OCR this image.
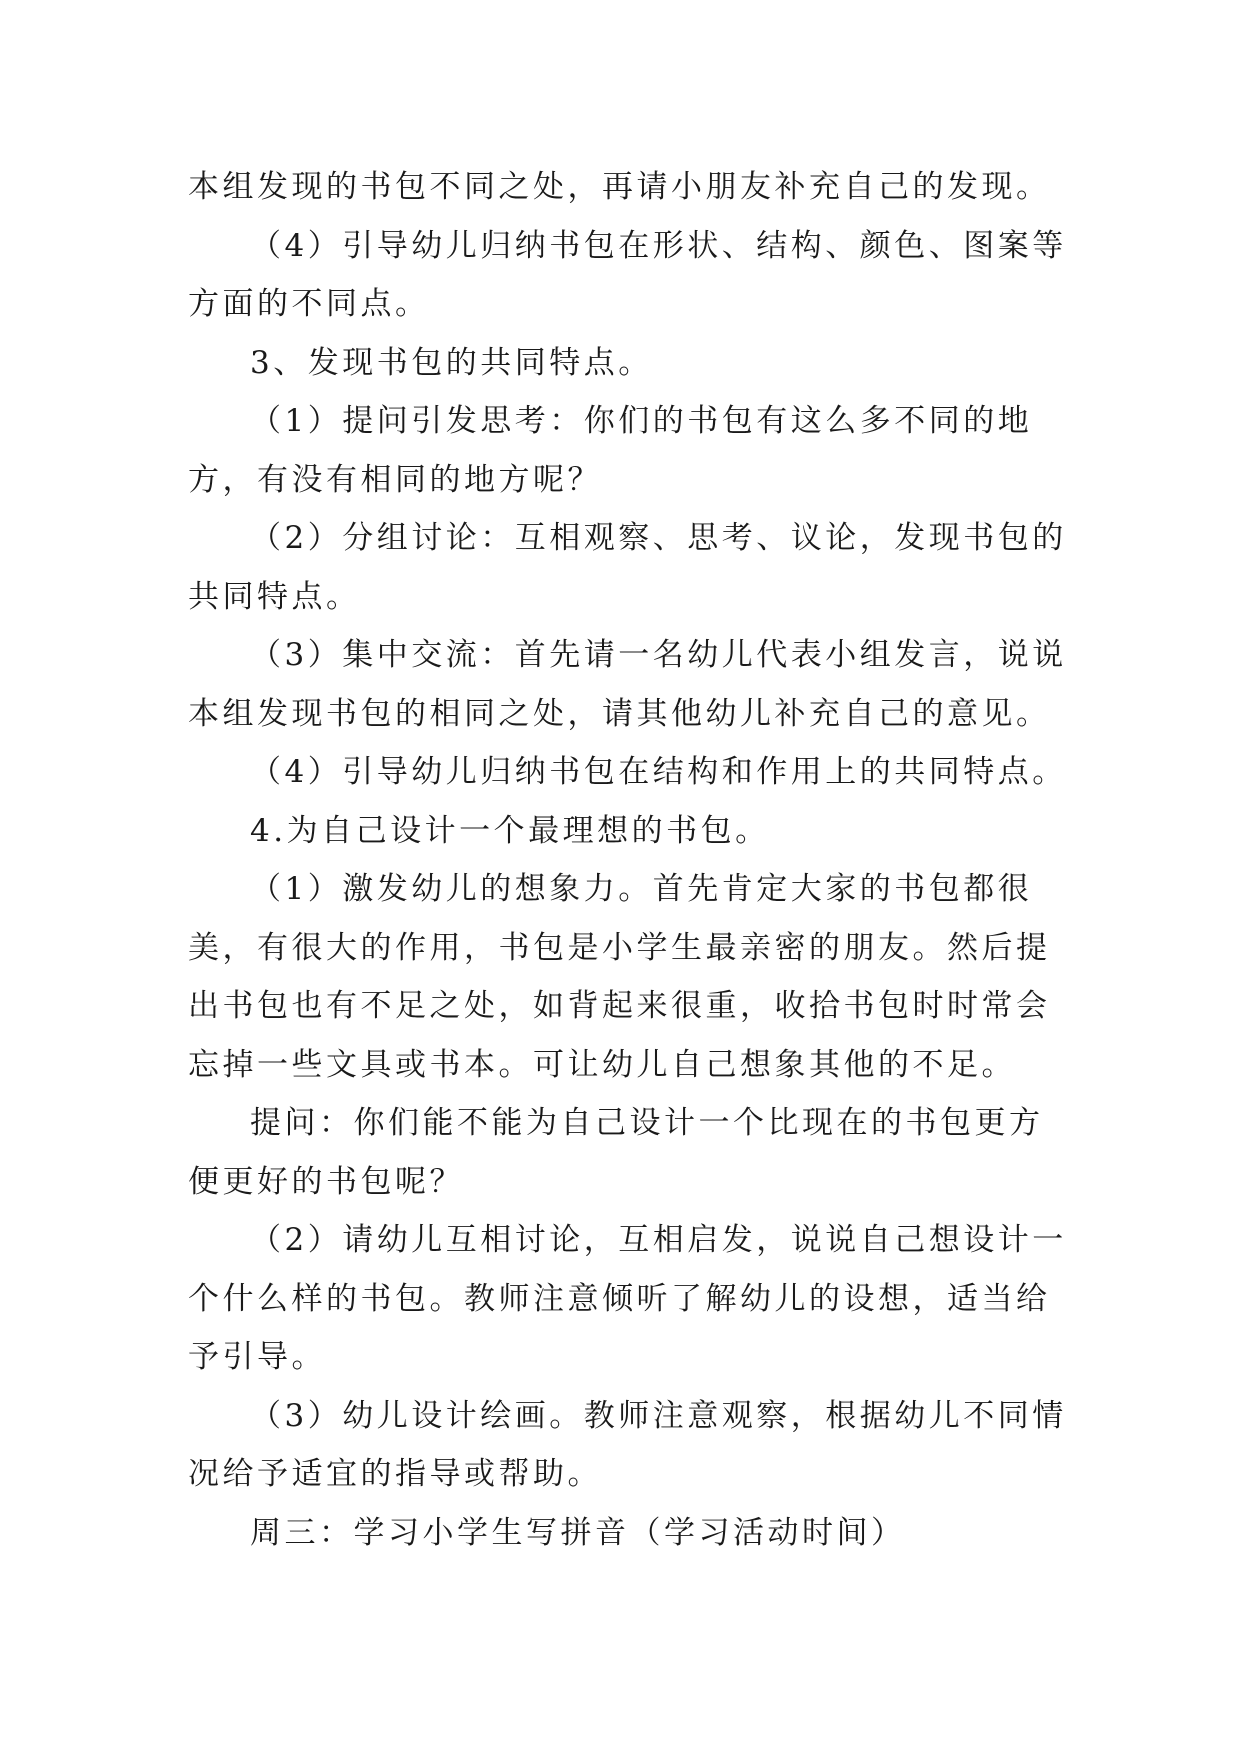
本组发现的书包不同之处，再请小朋友补充自己的发现。

（4）引导幼儿归纳书包在形状、结构、颜色、图案等方面的不同点。

3、发现书包的共同特点。

（1）提问引发思考：你们的书包有这么多不同的地方，有没有相同的地方呢？

（2）分组讨论：互相观察、思考、议论，发现书包的共同特点。

（3）集中交流：首先请一名幼儿代表小组发言，说说本组发现书包的相同之处，请其他幼儿补充自己的意见。

（4）引导幼儿归纳书包在结构和作用上的共同特点。

4.为自己设计一个最理想的书包。

（1）激发幼儿的想象力。首先肯定大家的书包都很美，有很大的作用，书包是小学生最亲密的朋友。然后提出书包也有不足之处，如背起来很重，收拾书包时时常会忘掉一些文具或书本。可让幼儿自己想象其他的不足。

提问：你们能不能为自己设计一个比现在的书包更方便更好的书包呢？

（2）请幼儿互相讨论，互相启发，说说自己想设计一个什么样的书包。教师注意倾听了解幼儿的设想，适当给予引导。

（3）幼儿设计绘画。教师注意观察，根据幼儿不同情况给予适宜的指导或帮助。

周三：学习小学生写拼音（学习活动时间）
